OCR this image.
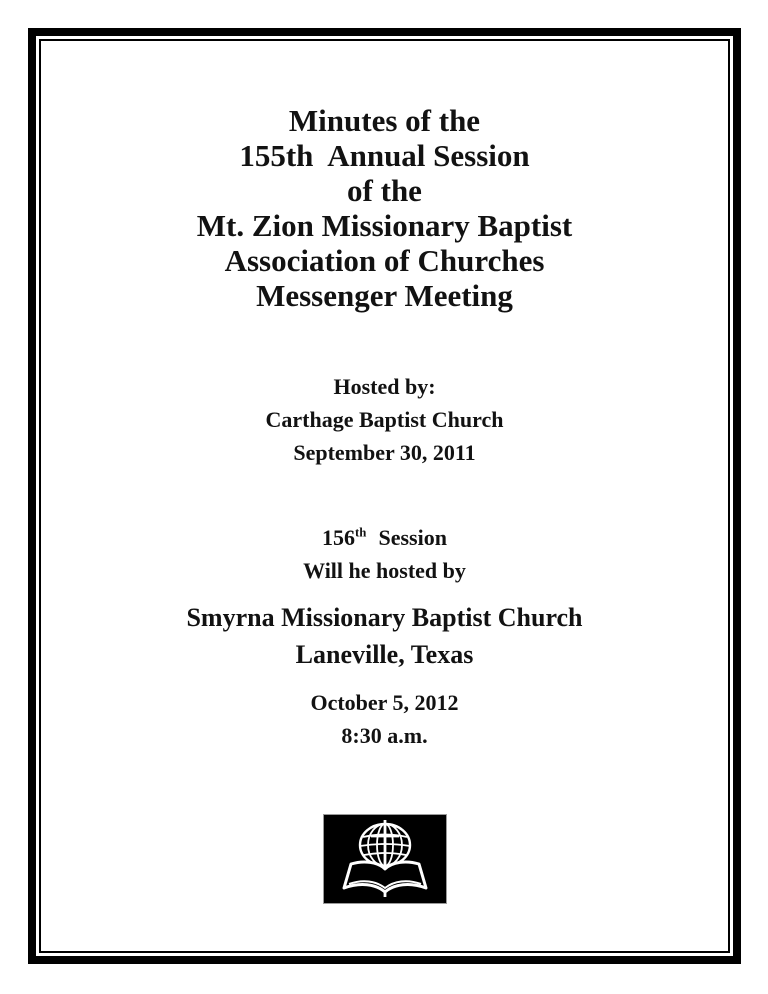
Minutes of the
155th  Annual Session
of the
Mt. Zion Missionary Baptist
Association of Churches
Messenger Meeting
Hosted by:
Carthage Baptist Church
September 30, 2011
156th Session
Will he hosted by
Smyrna Missionary Baptist Church
Laneville, Texas
October 5, 2012
8:30 a.m.
